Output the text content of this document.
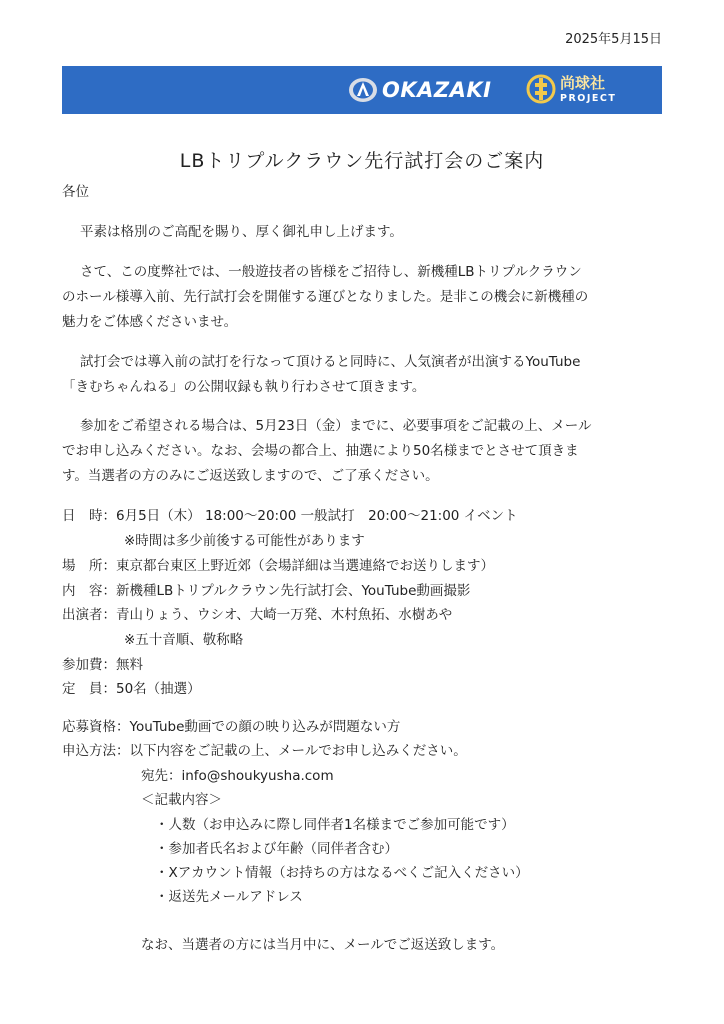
2025年5月15日
OKAZAKI	尚球社
PROJECT
LBトリプルクラウン先行試打会のご案内
各位
平素は格別のご高配を賜り、厚く御礼申し上げます。
さて、この度弊社では、一般遊技者の皆様をご招待し、新機種LBトリプルクラウン
のホール様導入前、先行試打会を開催する運びとなりました。是非この機会に新機種の
魅力をご体感くださいませ。
試打会では導入前の試打を行なって頂けると同時に、人気演者が出演するYouTube
「きむちゃんねる」の公開収録も執り行わさせて頂きます。
参加をご希望される場合は、5月23日（金）までに、必要事項をご記載の上、メール
でお申し込みください。なお、会場の都合上、抽選により50名様までとさせて頂きま
す。当選者の方のみにご返送致しますので、ご了承ください。
日　時：6月5日（木） 18:00〜20:00 一般試打　20:00〜21:00 イベント
※時間は多少前後する可能性があります
場　所：東京都台東区上野近郊（会場詳細は当選連絡でお送りします）
内　容：新機種LBトリプルクラウン先行試打会、YouTube動画撮影
出演者：青山りょう、ウシオ、大崎一万発、木村魚拓、水樹あや
※五十音順、敬称略
参加費：無料
定　員：50名（抽選）
応募資格：YouTube動画での顔の映り込みが問題ない方
申込方法：以下内容をご記載の上、メールでお申し込みください。
宛先：info@shoukyusha.com
＜記載内容＞
・人数（お申込みに際し同伴者1名様までご参加可能です）
・参加者氏名および年齢（同伴者含む）
・Xアカウント情報（お持ちの方はなるべくご記入ください）
・返送先メールアドレス
なお、当選者の方には当月中に、メールでご返送致します。
